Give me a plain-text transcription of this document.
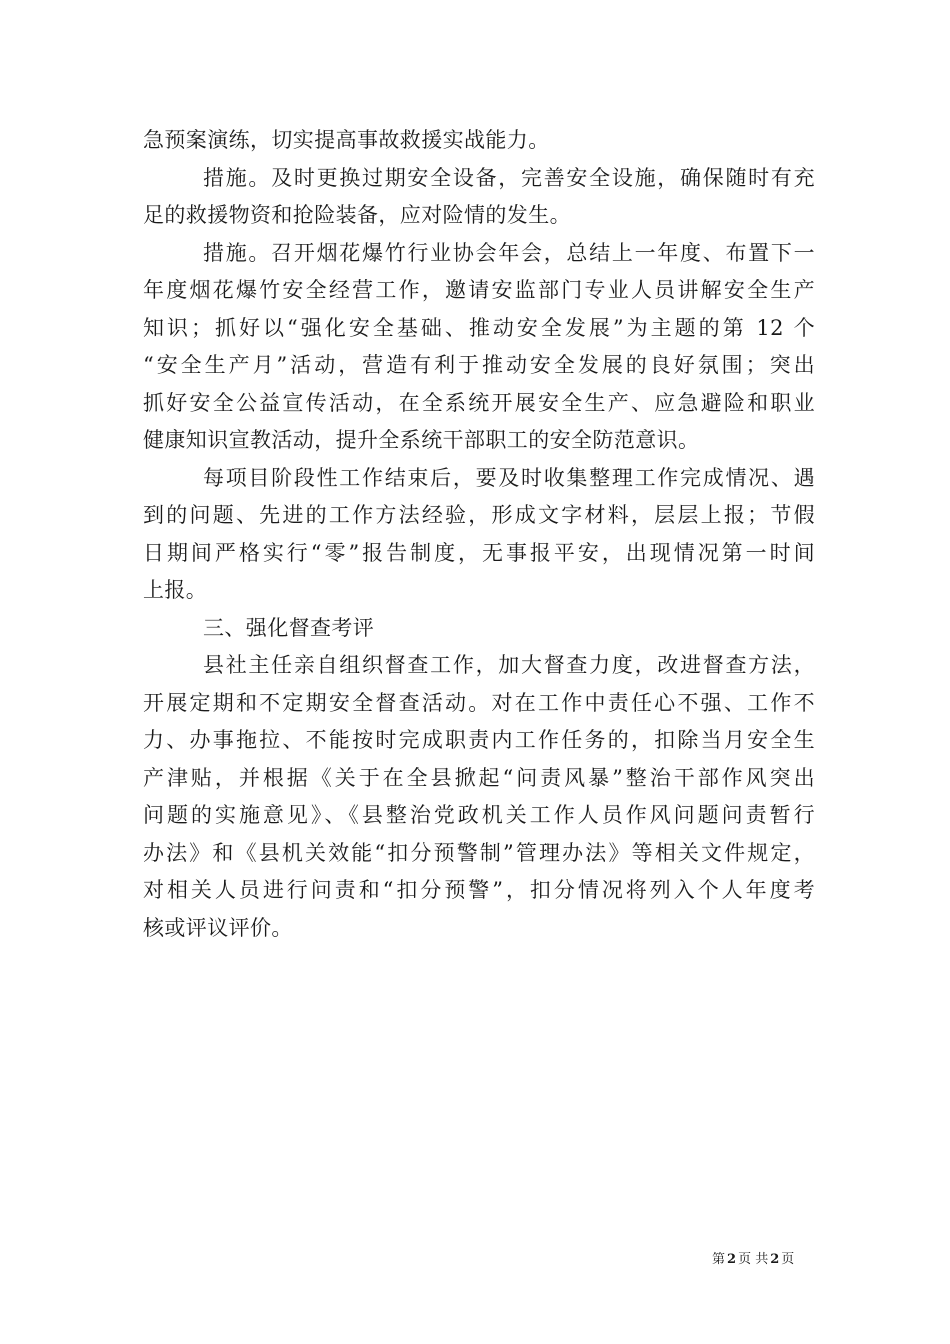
急预案演练，切实提高事故救援实战能力。
措施。及时更换过期安全设备，完善安全设施，确保随时有充
足的救援物资和抢险装备，应对险情的发生。
措施。召开烟花爆竹行业协会年会，总结上一年度、布置下一
年度烟花爆竹安全经营工作，邀请安监部门专业人员讲解安全生产
知识；抓好以“强化安全基础、推动安全发展”为主题的第 12 个
“安全生产月”活动，营造有利于推动安全发展的良好氛围；突出
抓好安全公益宣传活动，在全系统开展安全生产、应急避险和职业
健康知识宣教活动，提升全系统干部职工的安全防范意识。
每项目阶段性工作结束后，要及时收集整理工作完成情况、遇
到的问题、先进的工作方法经验，形成文字材料，层层上报；节假
日期间严格实行“零”报告制度，无事报平安，出现情况第一时间
上报。
三、强化督查考评
县社主任亲自组织督查工作，加大督查力度，改进督查方法，
开展定期和不定期安全督查活动。对在工作中责任心不强、工作不
力、办事拖拉、不能按时完成职责内工作任务的，扣除当月安全生
产津贴，并根据《关于在全县掀起“问责风暴”整治干部作风突出
问题的实施意见》、《县整治党政机关工作人员作风问题问责暂行
办法》和《县机关效能“扣分预警制”管理办法》等相关文件规定，
对相关人员进行问责和“扣分预警”，扣分情况将列入个人年度考
核或评议评价。
第 2 页 共 2 页
